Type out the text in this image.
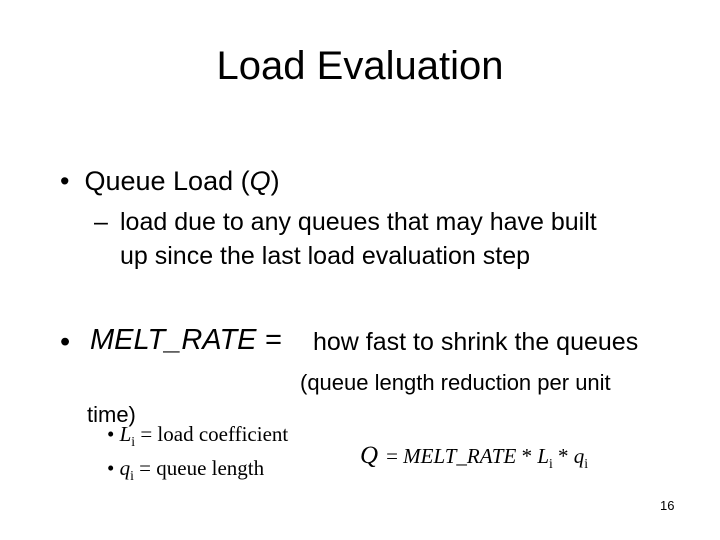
Load Evaluation
• Queue Load (Q)
– load due to any queues that may have built
up since the last load evaluation step
• MELT_RATE = how fast to shrink the queues
(queue length reduction per unit
time)
• $L_i$ = load coefficient
• $q_i$ = queue length	Q = MELT_RATE * $L_i * q_i$
16
